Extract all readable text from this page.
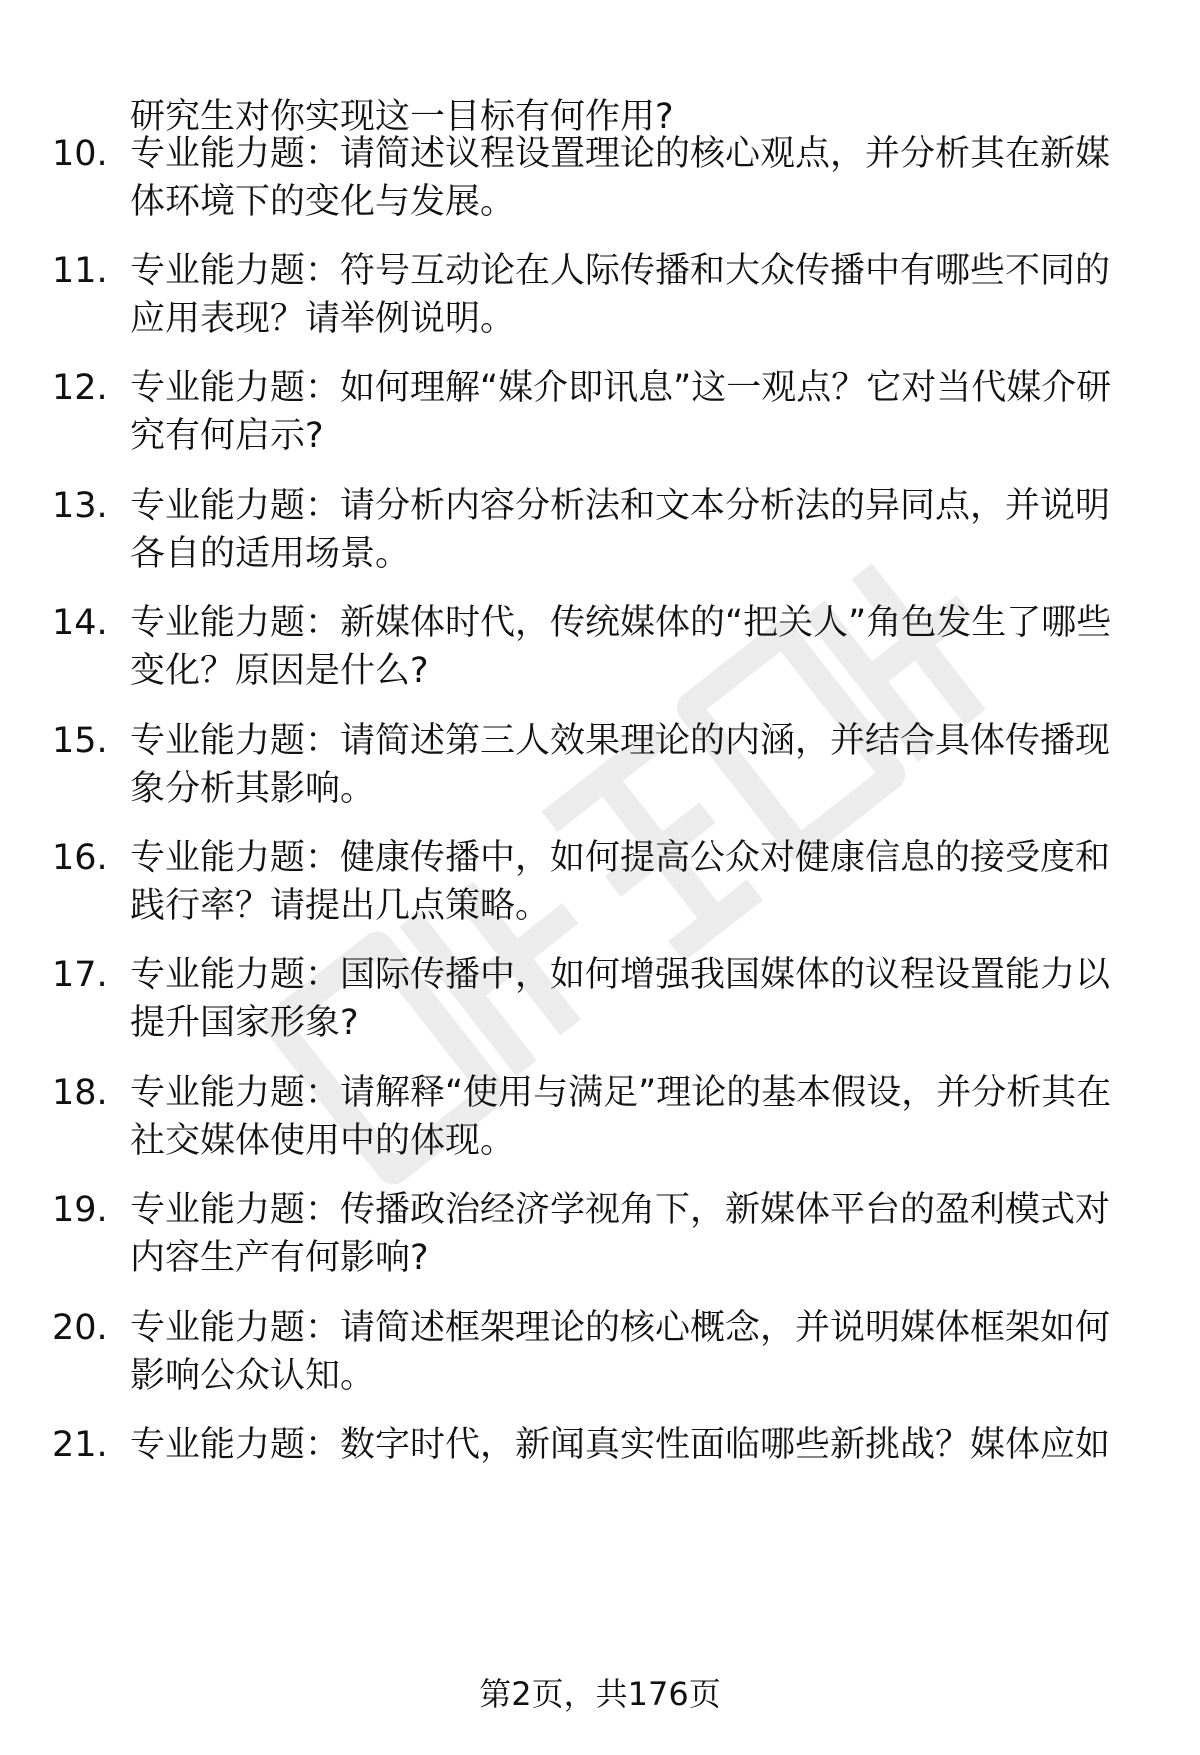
研究生对你实现这一目标有何作用?

10. 专业能力题：请简述议程设置理论的核心观点，并分析其在新媒体环境下的变化与发展。
11. 专业能力题：符号互动论在人际传播和大众传播中有哪些不同的应用表现？请举例说明。
12. 专业能力题：如何理解“媒介即讯息”这一观点？它对当代媒介研究有何启示?
13. 专业能力题：请分析内容分析法和文本分析法的异同点，并说明各自的适用场景。
14. 专业能力题：新媒体时代，传统媒体的“把关人”角色发生了哪些变化？原因是什么?
15. 专业能力题：请简述第三人效果理论的内涵，并结合具体传播现象分析其影响。
16. 专业能力题：健康传播中，如何提高公众对健康信息的接受度和践行率？请提出几点策略。
17. 专业能力题：国际传播中，如何增强我国媒体的议程设置能力以提升国家形象?
18. 专业能力题：请解释“使用与满足”理论的基本假设，并分析其在社交媒体使用中的体现。
19. 专业能力题：传播政治经济学视角下，新媒体平台的盈利模式对内容生产有何影响?
20. 专业能力题：请简述框架理论的核心概念，并说明媒体框架如何影响公众认知。
21. 专业能力题：数字时代，新闻真实性面临哪些新挑战？媒体应如
第2页，共176页
